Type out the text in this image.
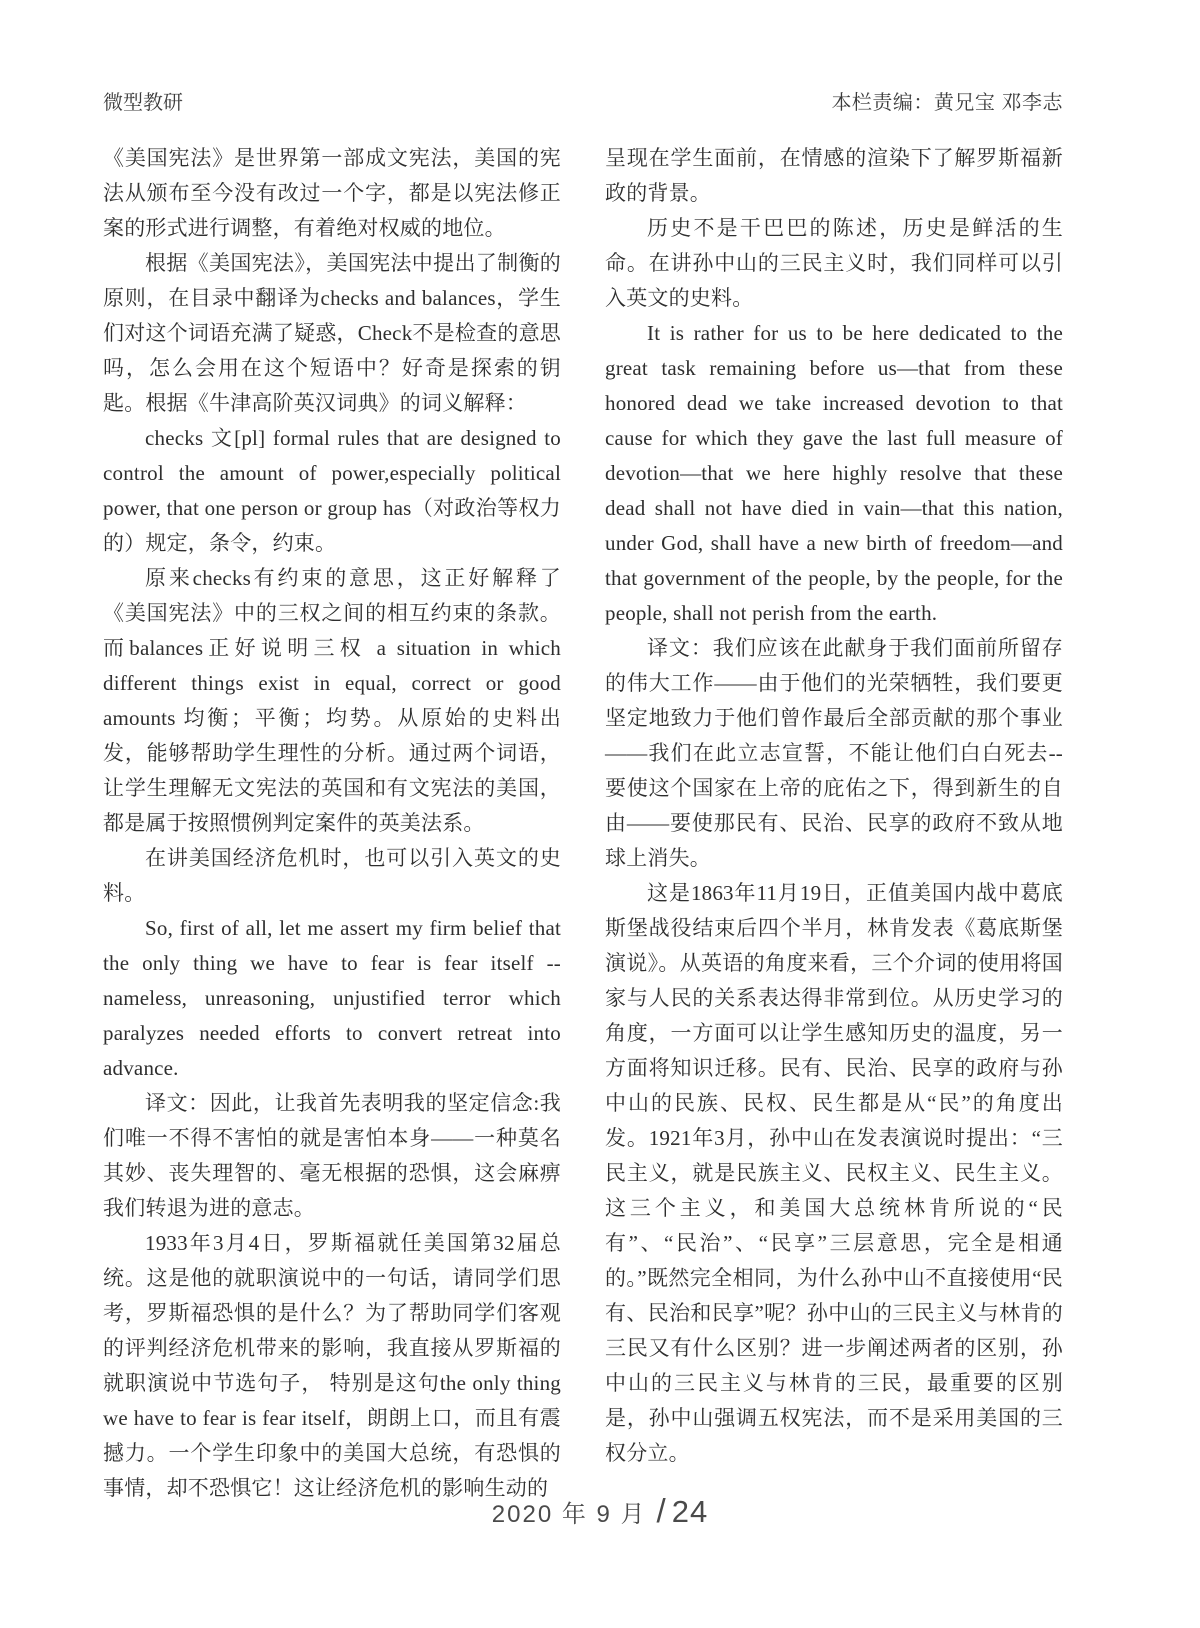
微型教研	本栏责编：黄兄宝 邓李志

《美国宪法》是世界第一部成文宪法，美国的宪法从颁布至今没有改过一个字，都是以宪法修正案的形式进行调整，有着绝对权威的地位。

根据《美国宪法》，美国宪法中提出了制衡的原则，在目录中翻译为checks and balances，学生们对这个词语充满了疑惑，Check不是检查的意思吗，怎么会用在这个短语中？好奇是探索的钥匙。根据《牛津高阶英汉词典》的词义解释：

checks 文[pl] formal rules that are designed to control the amount of power,especially political power, that one person or group has（对政治等权力的）规定，条令，约束。

原来checks有约束的意思，这正好解释了《美国宪法》中的三权之间的相互约束的条款。而balances正好说明三权 a situation in which different things exist in equal, correct or good amounts 均衡；平衡；均势。从原始的史料出发，能够帮助学生理性的分析。通过两个词语，让学生理解无文宪法的英国和有文宪法的美国，都是属于按照惯例判定案件的英美法系。

在讲美国经济危机时，也可以引入英文的史料。

So, first of all, let me assert my firm belief that the only thing we have to fear is fear itself -- nameless, unreasoning, unjustified terror which paralyzes needed efforts to convert retreat into advance.

译文：因此，让我首先表明我的坚定信念:我们唯一不得不害怕的就是害怕本身——一种莫名其妙、丧失理智的、毫无根据的恐惧，这会麻痹我们转退为进的意志。

1933年3月4日，罗斯福就任美国第32届总统。这是他的就职演说中的一句话，请同学们思考，罗斯福恐惧的是什么？为了帮助同学们客观的评判经济危机带来的影响，我直接从罗斯福的就职演说中节选句子， 特别是这句the only thing we have to fear is fear itself，朗朗上口，而且有震撼力。一个学生印象中的美国大总统，有恐惧的事情，却不恐惧它！这让经济危机的影响生动的

呈现在学生面前，在情感的渲染下了解罗斯福新政的背景。

历史不是干巴巴的陈述，历史是鲜活的生命。在讲孙中山的三民主义时，我们同样可以引入英文的史料。

It is rather for us to be here dedicated to the great task remaining before us—that from these honored dead we take increased devotion to that cause for which they gave the last full measure of devotion—that we here highly resolve that these dead shall not have died in vain—that this nation, under God, shall have a new birth of freedom—and that government of the people, by the people, for the people, shall not perish from the earth.

译文：我们应该在此献身于我们面前所留存的伟大工作——由于他们的光荣牺牲，我们要更坚定地致力于他们曾作最后全部贡献的那个事业——我们在此立志宣誓，不能让他们白白死去--要使这个国家在上帝的庇佑之下，得到新生的自由——要使那民有、民治、民享的政府不致从地球上消失。

这是1863年11月19日，正值美国内战中葛底斯堡战役结束后四个半月，林肯发表《葛底斯堡演说》。从英语的角度来看，三个介词的使用将国家与人民的关系表达得非常到位。从历史学习的角度，一方面可以让学生感知历史的温度，另一方面将知识迁移。民有、民治、民享的政府与孙中山的民族、民权、民生都是从“民”的角度出发。1921年3月，孙中山在发表演说时提出：“三民主义，就是民族主义、民权主义、民生主义。这三个主义，和美国大总统林肯所说的“民有”、“民治”、“民享”三层意思，完全是相通的。”既然完全相同，为什么孙中山不直接使用“民有、民治和民享”呢？孙中山的三民主义与林肯的三民又有什么区别？进一步阐述两者的区别，孙中山的三民主义与林肯的三民，最重要的区别是，孙中山强调五权宪法，而不是采用美国的三权分立。

2020 年 9 月 / 24
